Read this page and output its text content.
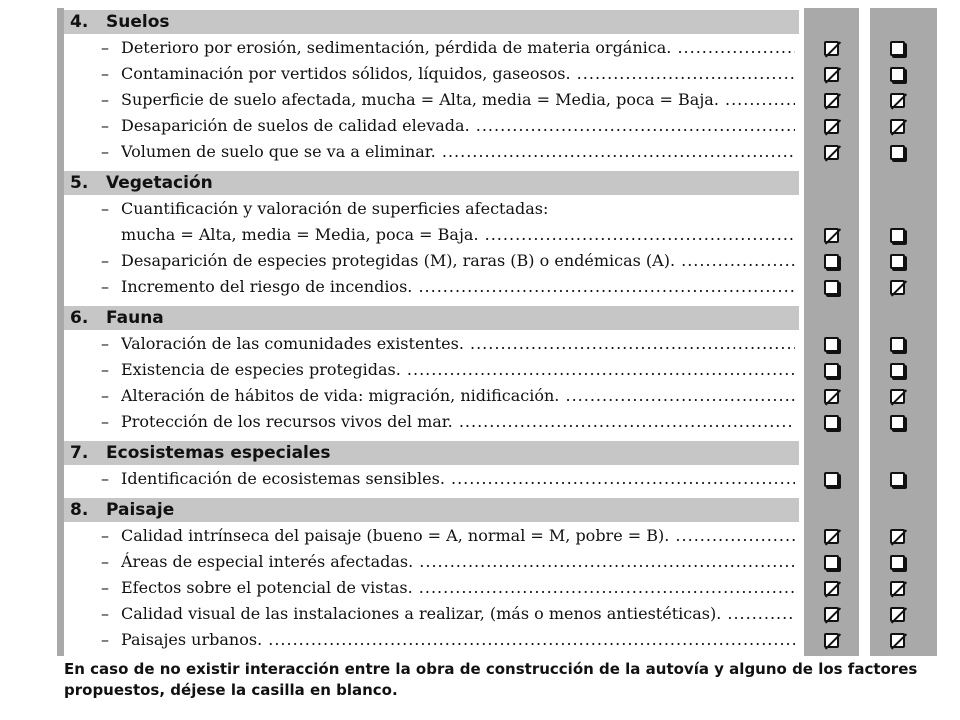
4. Suelos
– Deterioro por erosión, sedimentación, pérdida de materia orgánica. .....
– Contaminación por vertidos sólidos, líquidos, gaseosos. .....
– Superficie de suelo afectada, mucha = Alta, media = Media, poca = Baja. .....
– Desaparición de suelos de calidad elevada. .....
– Volumen de suelo que se va a eliminar. .....
5. Vegetación
– Cuantificación y valoración de superficies afectadas:
mucha = Alta, media = Media, poca = Baja. .....
– Desaparición de especies protegidas (M), raras (B) o endémicas (A). .....
– Incremento del riesgo de incendios. .....
6. Fauna
– Valoración de las comunidades existentes. .....
– Existencia de especies protegidas. .....
– Alteración de hábitos de vida: migración, nidificación. .....
– Protección de los recursos vivos del mar. .....
7. Ecosistemas especiales
– Identificación de ecosistemas sensibles. .....
8. Paisaje
– Calidad intrínseca del paisaje (bueno = A, normal = M, pobre = B). .....
– Áreas de especial interés afectadas. .....
– Efectos sobre el potencial de vistas. .....
– Calidad visual de las instalaciones a realizar, (más o menos antiestéticas). .....
– Paisajes urbanos. .....
En caso de no existir interacción entre la obra de construcción de la autovía y alguno de los factores propuestos, déjese la casilla en blanco.
